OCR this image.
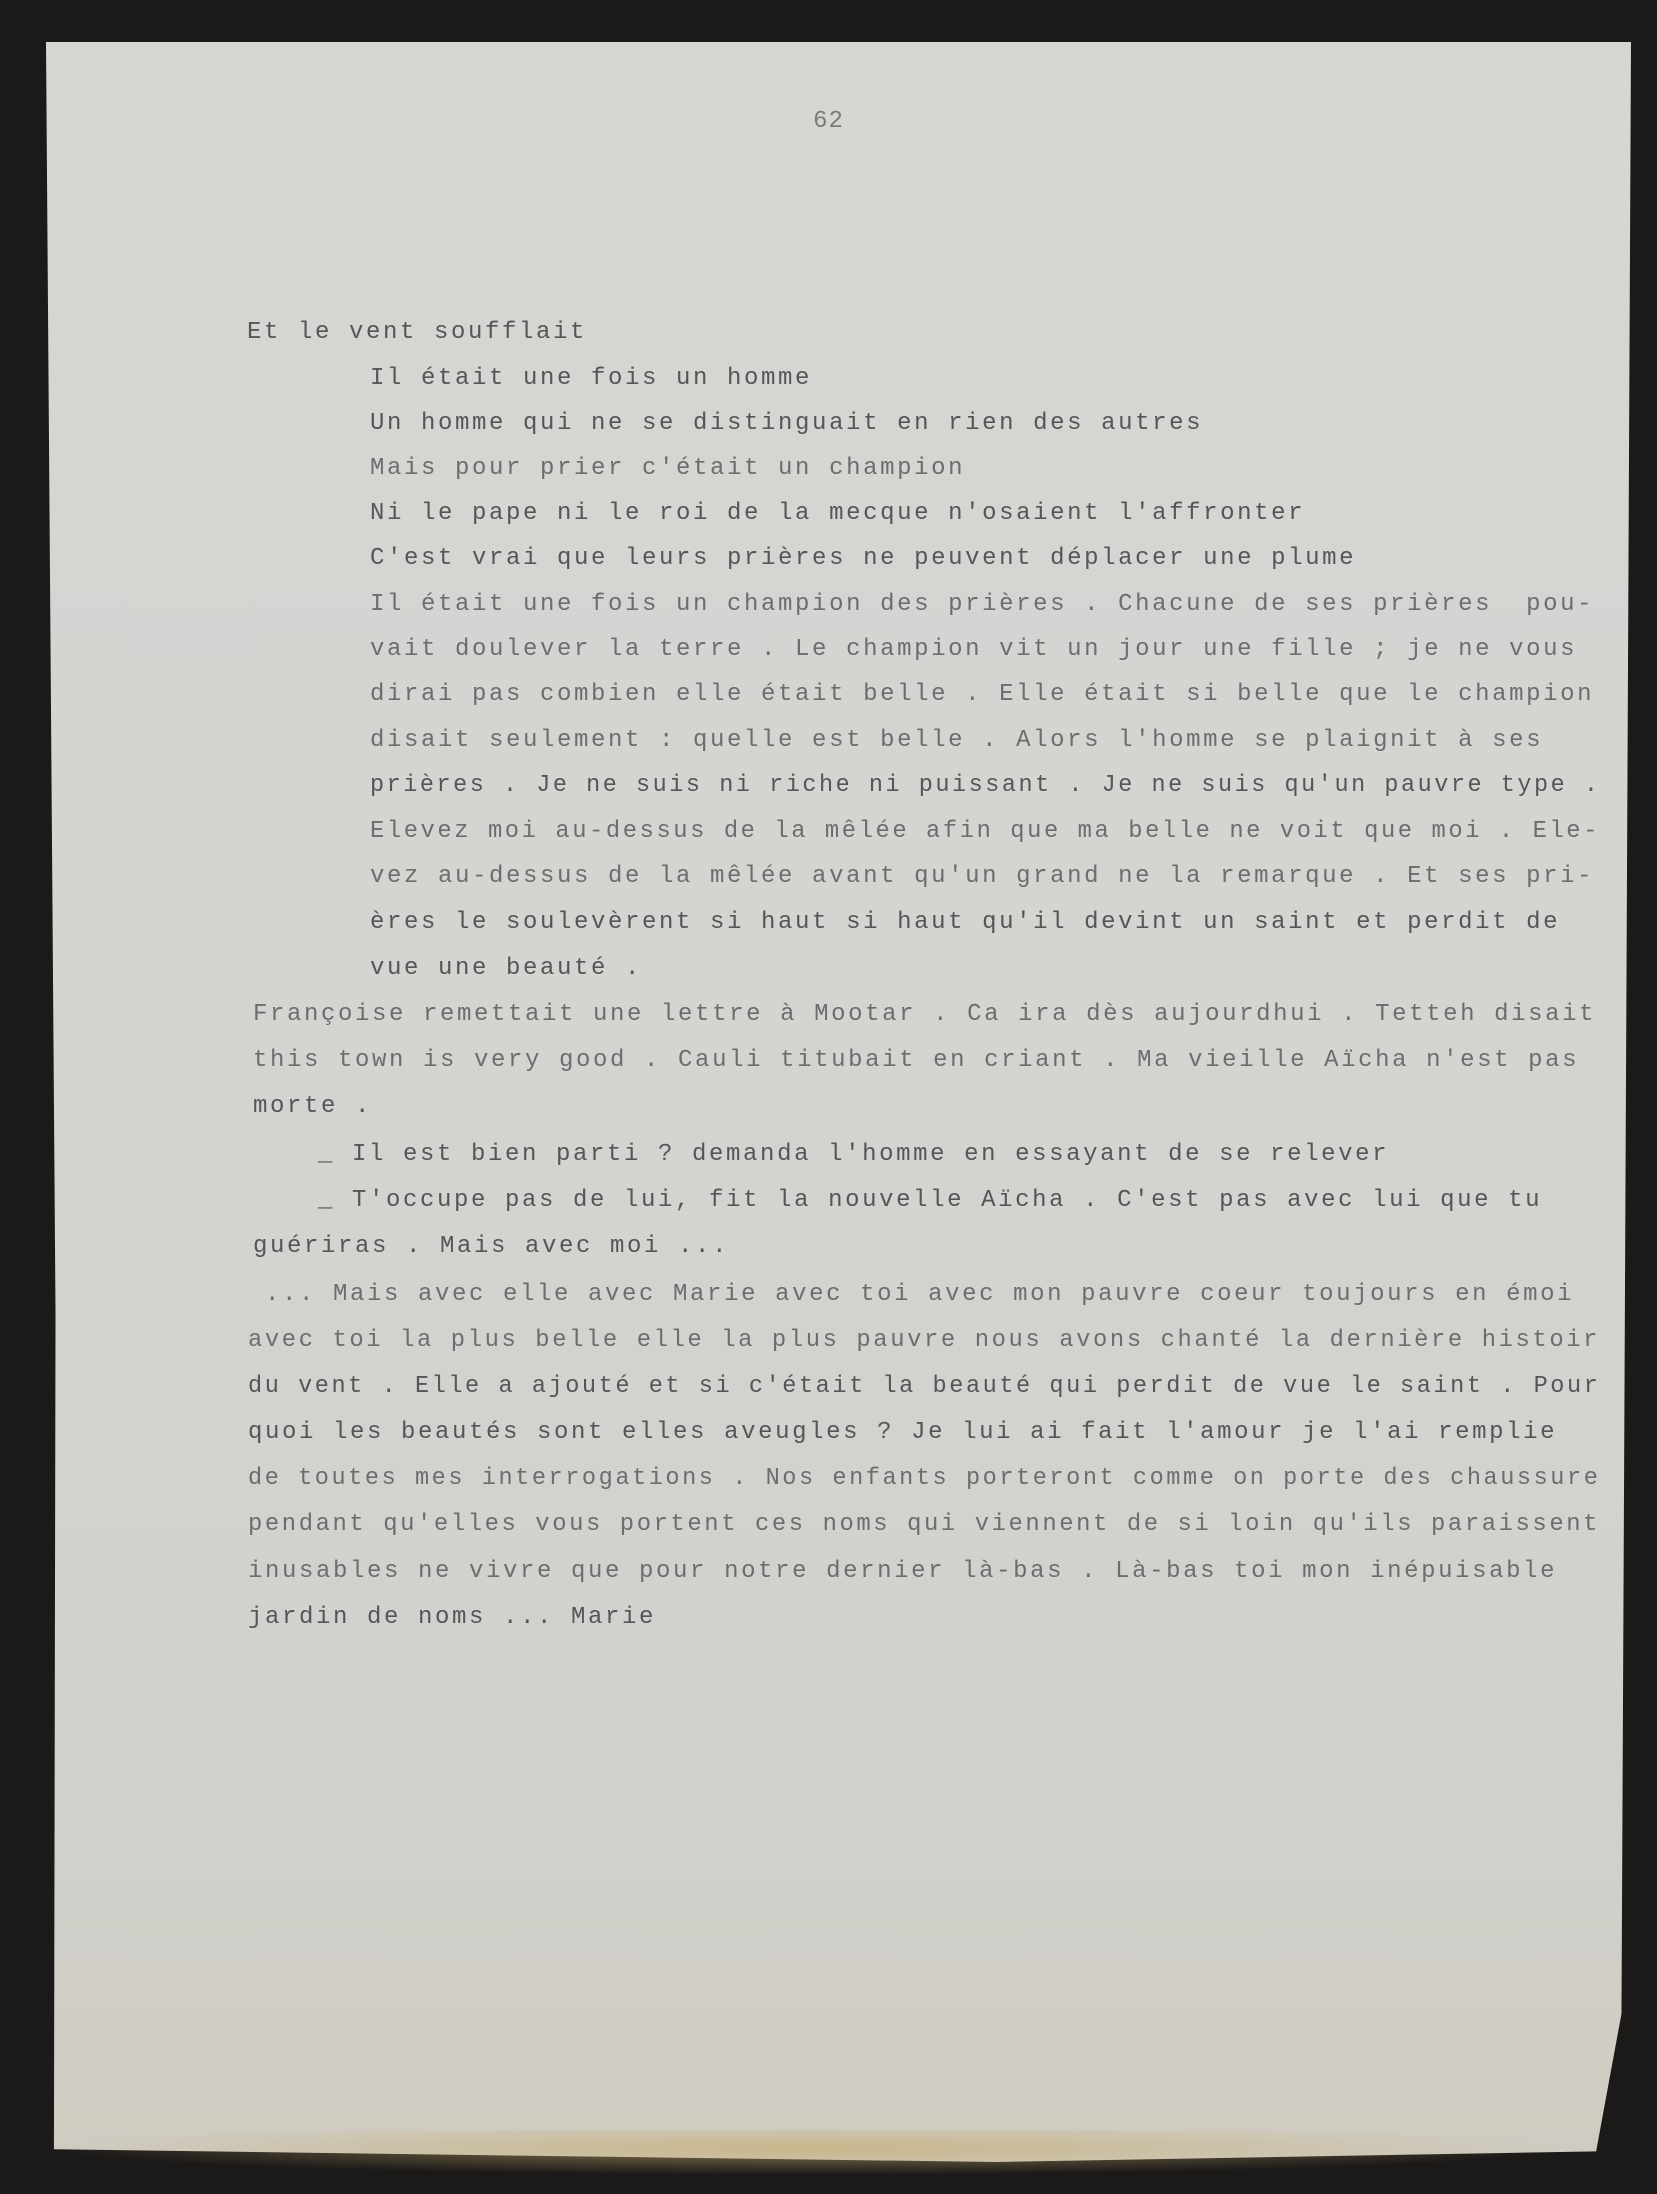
62
Et le vent soufflait
Il était une fois un homme
Un homme qui ne se distinguait en rien des autres
Mais pour prier c'était un champion
Ni le pape ni le roi de la mecque n'osaient l'affronter
C'est vrai que leurs prières ne peuvent déplacer une plume
Il était une fois un champion des prières . Chacune de ses prières  pou-
vait doulever la terre . Le champion vit un jour une fille ; je ne vous
dirai pas combien elle était belle . Elle était si belle que le champion
disait seulement : quelle est belle . Alors l'homme se plaignit à ses
prières . Je ne suis ni riche ni puissant . Je ne suis qu'un pauvre type .
Elevez moi au-dessus de la mêlée afin que ma belle ne voit que moi . Ele-
vez au-dessus de la mêlée avant qu'un grand ne la remarque . Et ses pri-
ères le soulevèrent si haut si haut qu'il devint un saint et perdit de
vue une beauté .
Françoise remettait une lettre à Mootar . Ca ira dès aujourdhui . Tetteh disait
this town is very good . Cauli titubait en criant . Ma vieille Aïcha n'est pas
morte .
_ Il est bien parti ? demanda l'homme en essayant de se relever
_ T'occupe pas de lui, fit la nouvelle Aïcha . C'est pas avec lui que tu
guériras . Mais avec moi ...
... Mais avec elle avec Marie avec toi avec mon pauvre coeur toujours en émoi
avec toi la plus belle elle la plus pauvre nous avons chanté la dernière histoir
du vent . Elle a ajouté et si c'était la beauté qui perdit de vue le saint . Pour
quoi les beautés sont elles aveugles ? Je lui ai fait l'amour je l'ai remplie
de toutes mes interrogations . Nos enfants porteront comme on porte des chaussure
pendant qu'elles vous portent ces noms qui viennent de si loin qu'ils paraissent
inusables ne vivre que pour notre dernier là-bas . Là-bas toi mon inépuisable
jardin de noms ... Marie
